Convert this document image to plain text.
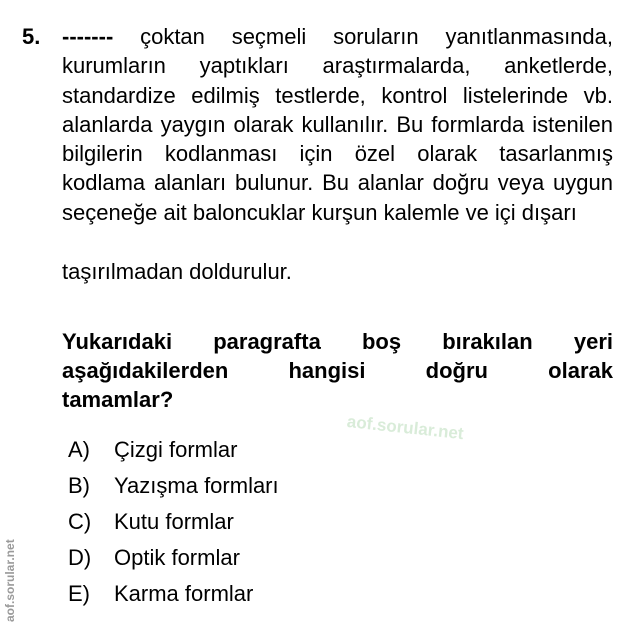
5. ------- çoktan seçmeli soruların yanıtlanmasında, kurumların yaptıkları araştırmalarda, anketlerde, standardize edilmiş testlerde, kontrol listelerinde vb. alanlarda yaygın olarak kullanılır. Bu formlarda istenilen bilgilerin kodlanması için özel olarak tasarlanmış kodlama alanları bulunur. Bu alanlar doğru veya uygun seçeneğe ait baloncuklar kurşun kalemle ve içi dışarı

taşırılmadan doldurulur.

Yukarıdaki paragrafta boş bırakılan yeri
aşağıdakilerden hangisi doğru olarak
tamamlar?

aof.sorular.net

A) Çizgi formlar
B) Yazışma formları
C) Kutu formlar
D) Optik formlar
E) Karma formlar

aof.sorular.net
